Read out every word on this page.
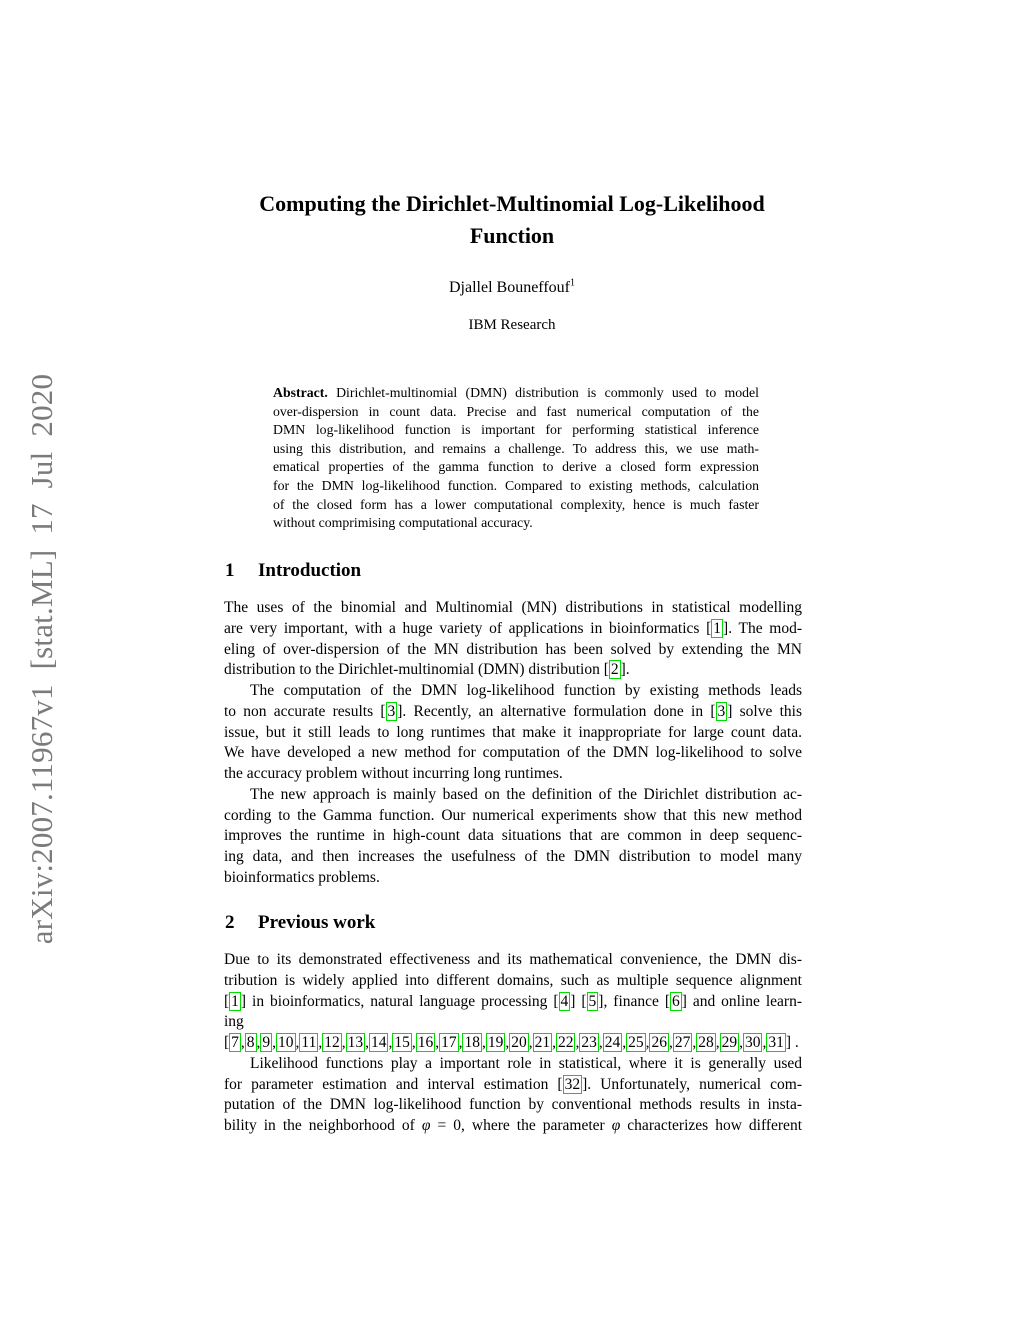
arXiv:2007.11967v1 [stat.ML] 17 Jul 2020
Computing the Dirichlet-Multinomial Log-Likelihood
Function
Djallel Bouneffouf$^1$
IBM Research
Abstract. Dirichlet-multinomial (DMN) distribution is commonly used to model
over-dispersion in count data. Precise and fast numerical computation of the
DMN log-likelihood function is important for performing statistical inference
using this distribution, and remains a challenge. To address this, we use math-
ematical properties of the gamma function to derive a closed form expression
for the DMN log-likelihood function. Compared to existing methods, calculation
of the closed form has a lower computational complexity, hence is much faster
without comprimising computational accuracy.
1 Introduction
The uses of the binomial and Multinomial (MN) distributions in statistical modelling
are very important, with a huge variety of applications in bioinformatics [ 1 ]. The mod-
eling of over-dispersion of the MN distribution has been solved by extending the MN
distribution to the Dirichlet-multinomial (DMN) distribution [ 2 ].
The computation of the DMN log-likelihood function by existing methods leads
to non accurate results [ 3 ]. Recently, an alternative formulation done in [ 3 ] solve this
issue, but it still leads to long runtimes that make it inappropriate for large count data.
We have developed a new method for computation of the DMN log-likelihood to solve
the accuracy problem without incurring long runtimes.
The new approach is mainly based on the definition of the Dirichlet distribution ac-
cording to the Gamma function. Our numerical experiments show that this new method
improves the runtime in high-count data situations that are common in deep sequenc-
ing data, and then increases the usefulness of the DMN distribution to model many
bioinformatics problems.
2 Previous work
Due to its demonstrated effectiveness and its mathematical convenience, the DMN dis-
tribution is widely applied into different domains, such as multiple sequence alignment
[ 1 ] in bioinformatics, natural language processing [ 4 ] [ 5 ], finance [ 6 ] and online learn-
ing [ 7 , 8 , 9 , 10 , 11 , 12 , 13 , 14 , 15 , 16 , 17 , 18 , 19 , 20 , 21 , 22 , 23 , 24 , 25 , 26 , 27 , 28 , 29 , 30 , 31 ] .
Likelihood functions play a important role in statistical, where it is generally used
for parameter estimation and interval estimation [ 32 ]. Unfortunately, numerical com-
putation of the DMN log-likelihood function by conventional methods results in insta-
bility in the neighborhood of φ = 0, where the parameter φ characterizes how different
